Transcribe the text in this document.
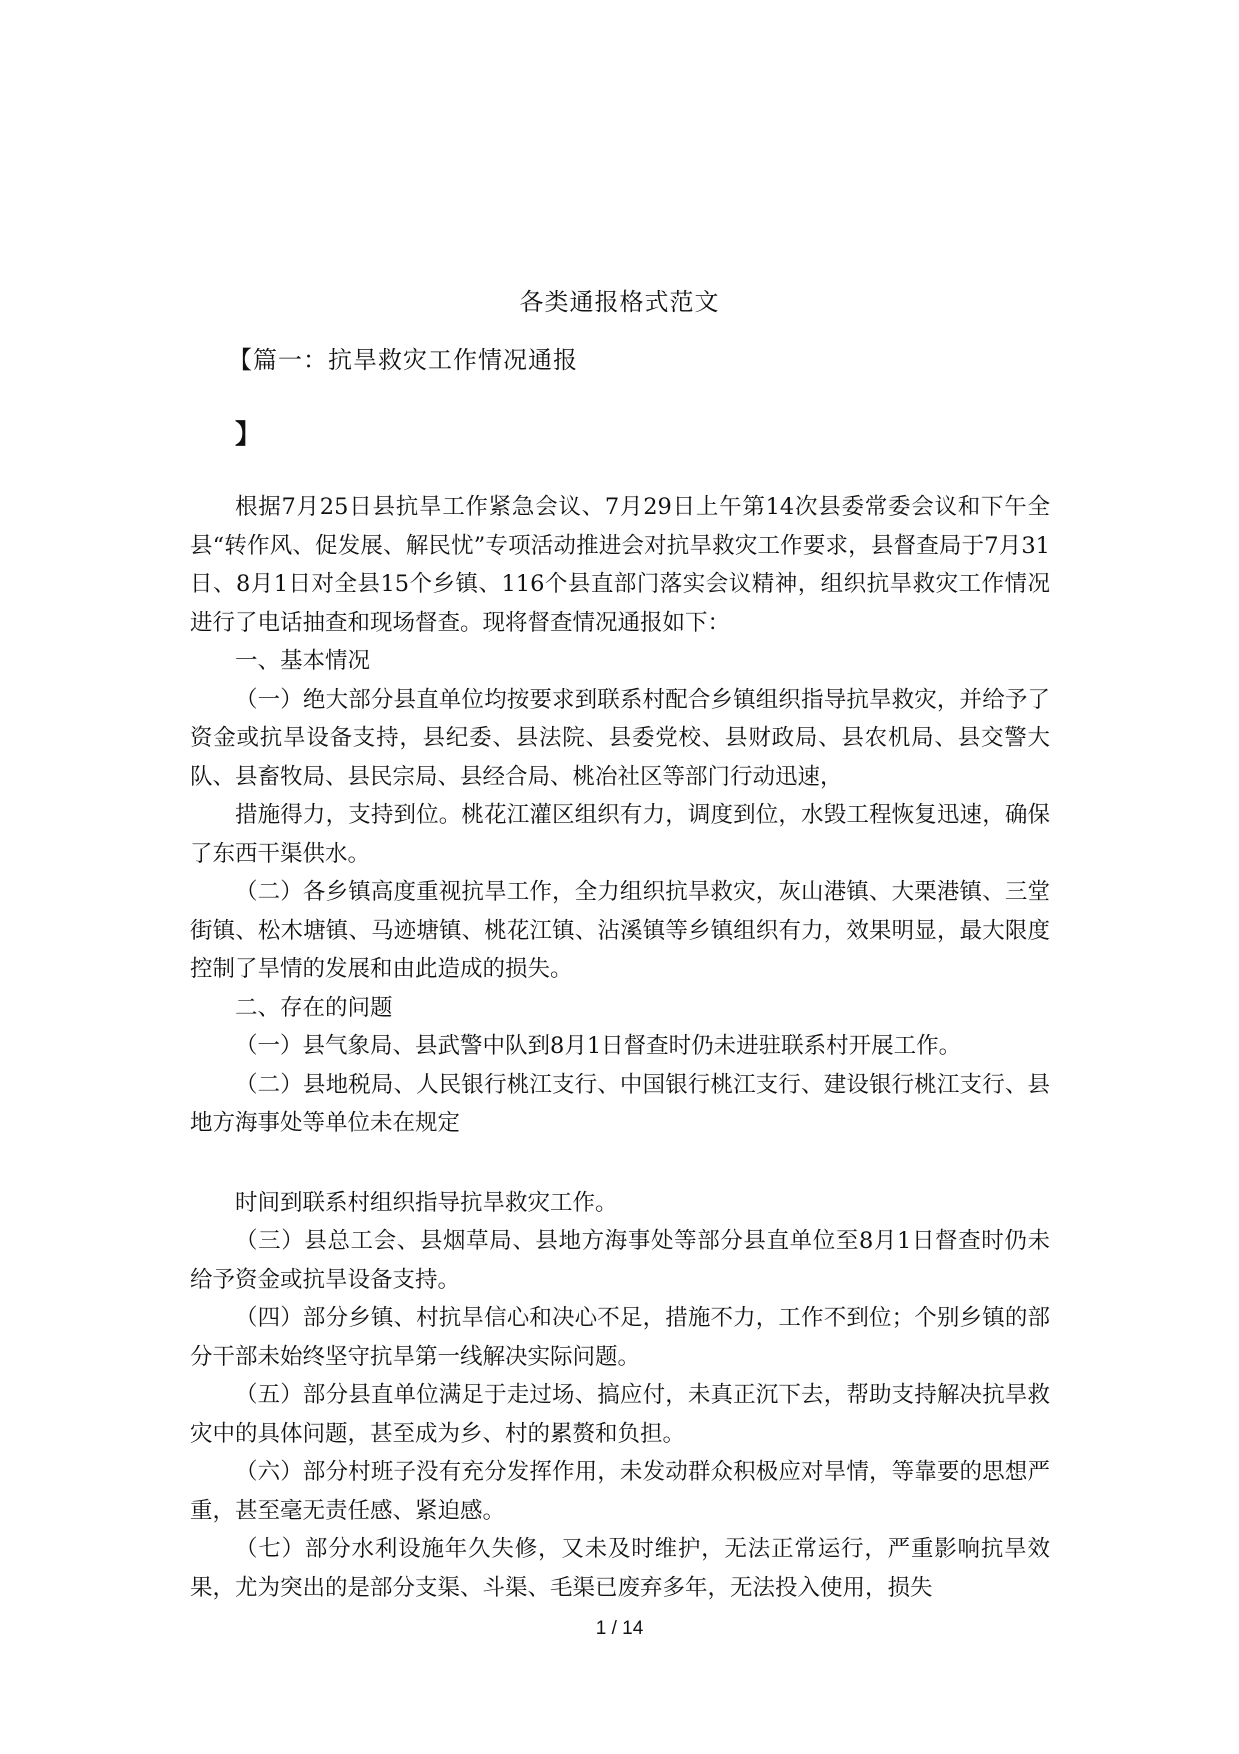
各类通报格式范文
【篇一：抗旱救灾工作情况通报
】

根据7月25日县抗旱工作紧急会议、7月29日上午第14次县委常委会议和下午全县“转作风、促发展、解民忧”专项活动推进会对抗旱救灾工作要求，县督查局于7月31日、8月1日对全县15个乡镇、116个县直部门落实会议精神，组织抗旱救灾工作情况进行了电话抽查和现场督查。现将督查情况通报如下：

一、基本情况

（一）绝大部分县直单位均按要求到联系村配合乡镇组织指导抗旱救灾，并给予了资金或抗旱设备支持，县纪委、县法院、县委党校、县财政局、县农机局、县交警大队、县畜牧局、县民宗局、县经合局、桃冶社区等部门行动迅速，

措施得力，支持到位。桃花江灌区组织有力，调度到位，水毁工程恢复迅速，确保了东西干渠供水。

（二）各乡镇高度重视抗旱工作，全力组织抗旱救灾，灰山港镇、大栗港镇、三堂街镇、松木塘镇、马迹塘镇、桃花江镇、沾溪镇等乡镇组织有力，效果明显，最大限度控制了旱情的发展和由此造成的损失。

二、存在的问题

（一）县气象局、县武警中队到8月1日督查时仍未进驻联系村开展工作。

（二）县地税局、人民银行桃江支行、中国银行桃江支行、建设银行桃江支行、县地方海事处等单位未在规定

时间到联系村组织指导抗旱救灾工作。

（三）县总工会、县烟草局、县地方海事处等部分县直单位至8月1日督查时仍未给予资金或抗旱设备支持。

（四）部分乡镇、村抗旱信心和决心不足，措施不力，工作不到位；个别乡镇的部分干部未始终坚守抗旱第一线解决实际问题。

（五）部分县直单位满足于走过场、搞应付，未真正沉下去，帮助支持解决抗旱救灾中的具体问题，甚至成为乡、村的累赘和负担。

（六）部分村班子没有充分发挥作用，未发动群众积极应对旱情，等靠要的思想严重，甚至毫无责任感、紧迫感。

（七）部分水利设施年久失修，又未及时维护，无法正常运行，严重影响抗旱效果，尤为突出的是部分支渠、斗渠、毛渠已废弃多年，无法投入使用，损失

1 / 14
